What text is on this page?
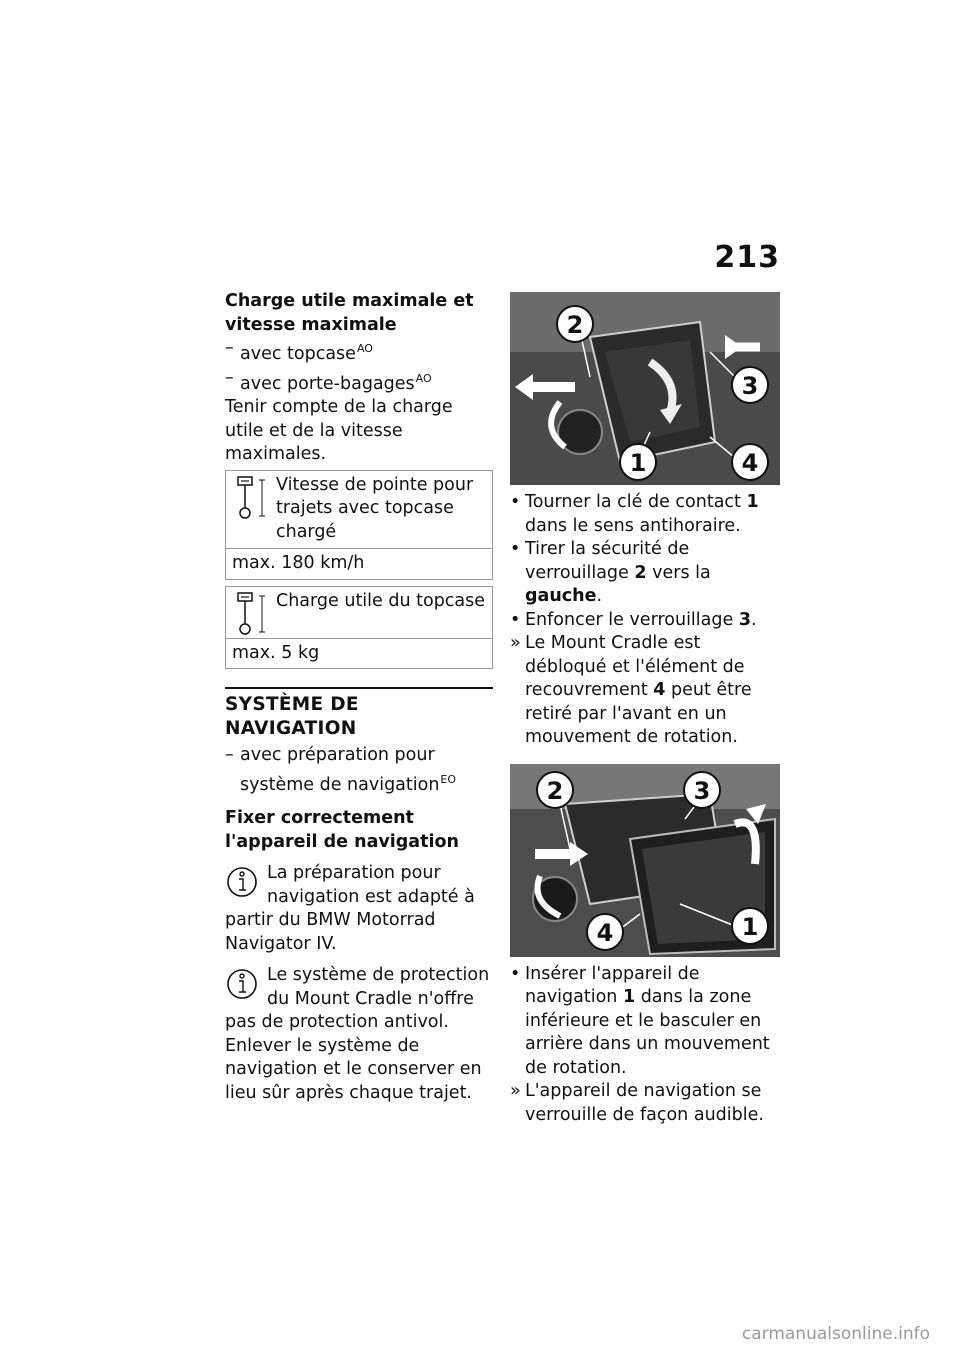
213
Charge utile maximale et vitesse maximale
– avec topcase$^{AO}$
– avec porte-bagages$^{AO}$
Tenir compte de la charge utile et de la vitesse maximales.
Vitesse de pointe pour trajets avec topcase chargé
max. 180 km/h
Charge utile du topcase
max. 5 kg
SYSTÈME DE NAVIGATION
– avec préparation pour système de navigation$^{EO}$
Fixer correctement l'appareil de navigation
La préparation pour navigation est adapté à partir du BMW Motorrad Navigator IV.
Le système de protection du Mount Cradle n'offre pas de protection antivol. Enlever le système de navigation et le conserver en lieu sûr après chaque trajet.
2
3
1	4
• Tourner la clé de contact 1 dans le sens antihoraire.
• Tirer la sécurité de verrouillage 2 vers la gauche.
• Enfoncer le verrouillage 3.
» Le Mount Cradle est débloqué et l'élément de recouvrement 4 peut être retiré par l'avant en un mouvement de rotation.
2	3
4	1
• Insérer l'appareil de navigation 1 dans la zone inférieure et le basculer en arrière dans un mouvement de rotation.
» L'appareil de navigation se verrouille de façon audible.
carmanualsonline.info
